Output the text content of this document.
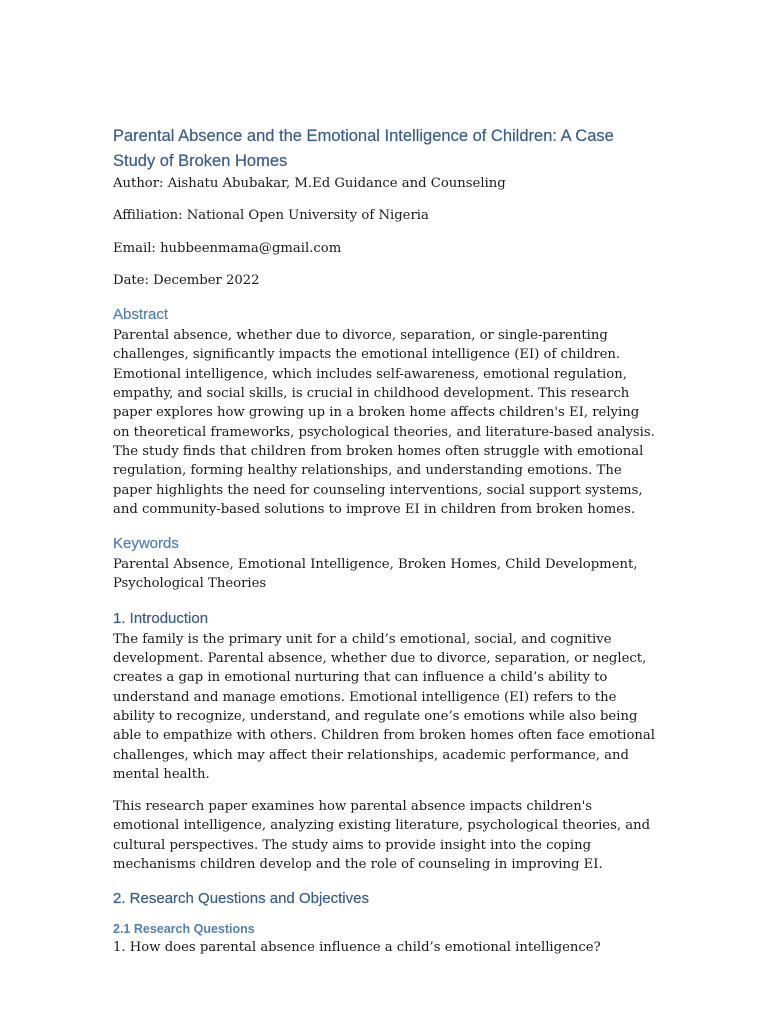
Parental Absence and the Emotional Intelligence of Children: A Case Study of Broken Homes

Author: Aishatu Abubakar, M.Ed Guidance and Counseling

Affiliation: National Open University of Nigeria

Email: hubbeenmama@gmail.com

Date: December 2022

Abstract

Parental absence, whether due to divorce, separation, or single-parenting challenges, significantly impacts the emotional intelligence (EI) of children. Emotional intelligence, which includes self-awareness, emotional regulation, empathy, and social skills, is crucial in childhood development. This research paper explores how growing up in a broken home affects children's EI, relying on theoretical frameworks, psychological theories, and literature-based analysis. The study finds that children from broken homes often struggle with emotional regulation, forming healthy relationships, and understanding emotions. The paper highlights the need for counseling interventions, social support systems, and community-based solutions to improve EI in children from broken homes.

Keywords

Parental Absence, Emotional Intelligence, Broken Homes, Child Development, Psychological Theories

1. Introduction

The family is the primary unit for a child’s emotional, social, and cognitive development. Parental absence, whether due to divorce, separation, or neglect, creates a gap in emotional nurturing that can influence a child’s ability to understand and manage emotions. Emotional intelligence (EI) refers to the ability to recognize, understand, and regulate one’s emotions while also being able to empathize with others. Children from broken homes often face emotional challenges, which may affect their relationships, academic performance, and mental health.

This research paper examines how parental absence impacts children's emotional intelligence, analyzing existing literature, psychological theories, and cultural perspectives. The study aims to provide insight into the coping mechanisms children develop and the role of counseling in improving EI.

2. Research Questions and Objectives
2.1 Research Questions

1. How does parental absence influence a child’s emotional intelligence?
